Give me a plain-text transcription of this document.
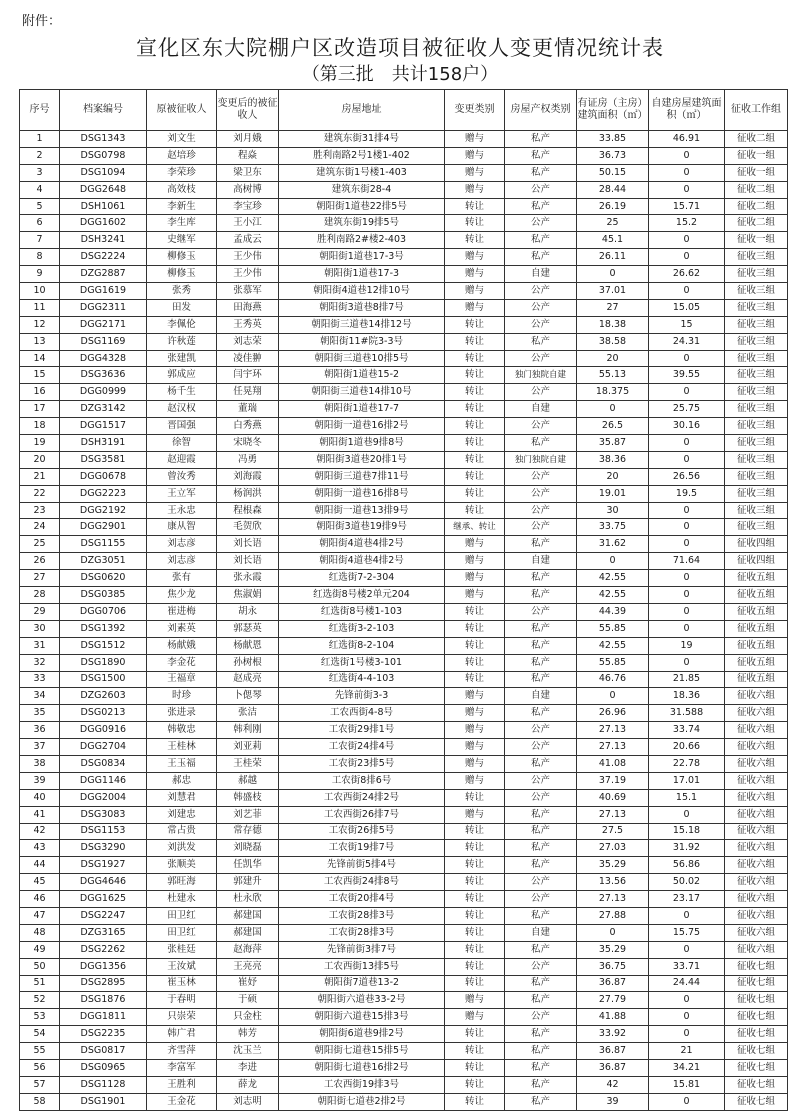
附件：
宣化区东大院棚户区改造项目被征收人变更情况统计表
（第三批　共计158户）
序号	档案编号	原被征收人	变更后的被征收人	房屋地址	变更类别	房屋产权类别	有证房（主房）建筑面积（㎡）	自建房屋建筑面积（㎡）	征收工作组
1	DSG1343	刘文生	刘月娥	建筑东街31排4号	赠与	私产	33.85	46.91	征收二组
2	DSG0798	赵培珍	程焱	胜利南路2号1楼1-402	赠与	私产	36.73	0	征收一组
3	DSG1094	李荣珍	梁卫东	建筑东街1号楼1-403	赠与	私产	50.15	0	征收一组
4	DGG2648	高效枝	高树博	建筑东街28-4	赠与	公产	28.44	0	征收二组
5	DSH1061	李新生	李宝珍	朝阳街1道巷22排5号	转让	私产	26.19	15.71	征收二组
6	DGG1602	李生库	王小江	建筑东街19排5号	转让	公产	25	15.2	征收二组
7	DSH3241	史继军	孟成云	胜利南路2#楼2-403	转让	私产	45.1	0	征收一组
8	DSG2224	柳修玉	王少伟	朝阳街1道巷17-3号	赠与	私产	26.11	0	征收三组
9	DZG2887	柳修玉	王少伟	朝阳街1道巷17-3	赠与	自建	0	26.62	征收三组
10	DGG1619	张秀	张慕军	朝阳街4道巷12排10号	赠与	公产	37.01	0	征收三组
11	DGG2311	田发	田海燕	朝阳街3道巷8排7号	赠与	公产	27	15.05	征收三组
12	DGG2171	李佩伦	王秀英	朝阳街三道巷14排12号	转让	公产	18.38	15	征收三组
13	DSG1169	许秋莲	刘志荣	朝阳街11#院3-3号	转让	私产	38.58	24.31	征收三组
14	DGG4328	张建凯	凌佳翀	朝阳街三道巷10排5号	转让	公产	20	0	征收三组
15	DSG3636	郭成应	闫宇环	朝阳街1道巷15-2	转让	独门独院自建	55.13	39.55	征收三组
16	DGG0999	杨千生	任晃翔	朝阳街三道巷14排10号	转让	公产	18.375	0	征收三组
17	DZG3142	赵汉权	董瑞	朝阳街1道巷17-7	转让	自建	0	25.75	征收三组
18	DGG1517	晋国强	白秀燕	朝阳街一道巷16排2号	转让	公产	26.5	30.16	征收三组
19	DSH3191	徐智	宋晓冬	朝阳街1道巷9排8号	转让	私产	35.87	0	征收三组
20	DSG3581	赵迎霞	冯勇	朝阳街3道巷20排1号	转让	独门独院自建	38.36	0	征收三组
21	DGG0678	曾汝秀	刘海霞	朝阳街三道巷7排11号	转让	公产	20	26.56	征收三组
22	DGG2223	王立军	杨润洪	朝阳街一道巷16排8号	转让	公产	19.01	19.5	征收三组
23	DGG2192	王永忠	程根森	朝阳街一道巷13排9号	转让	公产	30	0	征收三组
24	DGG2901	康从智	毛贺欣	朝阳街3道巷19排9号	继承、转让	公产	33.75	0	征收三组
25	DSG1155	刘志彦	刘长语	朝阳街4道巷4排2号	赠与	私产	31.62	0	征收四组
26	DZG3051	刘志彦	刘长语	朝阳街4道巷4排2号	赠与	自建	0	71.64	征收四组
27	DSG0620	张有	张永霞	红选街7-2-304	赠与	私产	42.55	0	征收五组
28	DSG0385	焦少龙	焦淑娟	红选街8号楼2单元204	赠与	私产	42.55	0	征收五组
29	DGG0706	崔进梅	胡永	红选街8号楼1-103	转让	公产	44.39	0	征收五组
30	DSG1392	刘素英	郭瑟英	红选街3-2-103	转让	私产	55.85	0	征收五组
31	DSG1512	杨献娥	杨献恩	红选街8-2-104	转让	私产	42.55	19	征收五组
32	DSG1890	李金花	孙树根	红选街1号楼3-101	转让	私产	55.85	0	征收五组
33	DSG1500	王福章	赵成亮	红选街4-4-103	转让	私产	46.76	21.85	征收五组
34	DZG2603	时珍	卜偲琴	先锋前街3-3	赠与	自建	0	18.36	征收六组
35	DSG0213	张进录	张洁	工农西街4-8号	赠与	私产	26.96	31.588	征收六组
36	DGG0916	韩敬忠	韩利刚	工农街29排1号	赠与	公产	27.13	33.74	征收六组
37	DGG2704	王桂林	刘亚莉	工农街24排4号	赠与	公产	27.13	20.66	征收六组
38	DSG0834	王玉福	王桂荣	工农街23排5号	赠与	私产	41.08	22.78	征收六组
39	DGG1146	郝忠	郝越	工农街8排6号	赠与	公产	37.19	17.01	征收六组
40	DGG2004	刘慧君	韩盛枝	工农西街24排2号	转让	公产	40.69	15.1	征收六组
41	DSG3083	刘建忠	刘艺菲	工农西街26排7号	赠与	私产	27.13	0	征收六组
42	DSG1153	常占贵	常存德	工农街26排5号	转让	私产	27.5	15.18	征收六组
43	DSG3290	刘洪发	刘晓磊	工农街19排7号	转让	私产	27.03	31.92	征收六组
44	DSG1927	张顺美	任凯华	先锋前街5排4号	转让	私产	35.29	56.86	征收六组
45	DGG4646	郭旺海	郭建升	工农西街24排8号	转让	公产	13.56	50.02	征收六组
46	DGG1625	杜建永	杜永欣	工农街20排4号	转让	公产	27.13	23.17	征收六组
47	DSG2247	田卫红	郝建国	工农街28排3号	转让	私产	27.88	0	征收六组
48	DZG3165	田卫红	郝建国	工农街28排3号	转让	自建	0	15.75	征收六组
49	DSG2262	张桂廷	赵海萍	先锋前街3排7号	转让	私产	35.29	0	征收六组
50	DGG1356	王汝斌	王亮亮	工农西街13排5号	转让	公产	36.75	33.71	征收七组
51	DSG2895	崔玉林	崔妤	朝阳街7道巷13-2	转让	私产	36.87	24.44	征收七组
52	DSG1876	于春明	于硕	朝阳街六道巷33-2号	赠与	私产	27.79	0	征收七组
53	DGG1811	只崇荣	只金柱	朝阳街六道巷15排3号	赠与	公产	41.88	0	征收七组
54	DSG2235	韩广君	韩芳	朝阳街6道巷9排2号	转让	私产	33.92	0	征收七组
55	DSG0817	齐雪萍	沈玉兰	朝阳街七道巷15排5号	转让	私产	36.87	21	征收七组
56	DSG0965	李富军	李进	朝阳街七道巷16排2号	转让	私产	36.87	34.21	征收七组
57	DSG1128	王胜利	薛龙	工农西街19排3号	转让	私产	42	15.81	征收七组
58	DSG1901	王金花	刘志明	朝阳街七道巷2排2号	转让	私产	39	0	征收七组
